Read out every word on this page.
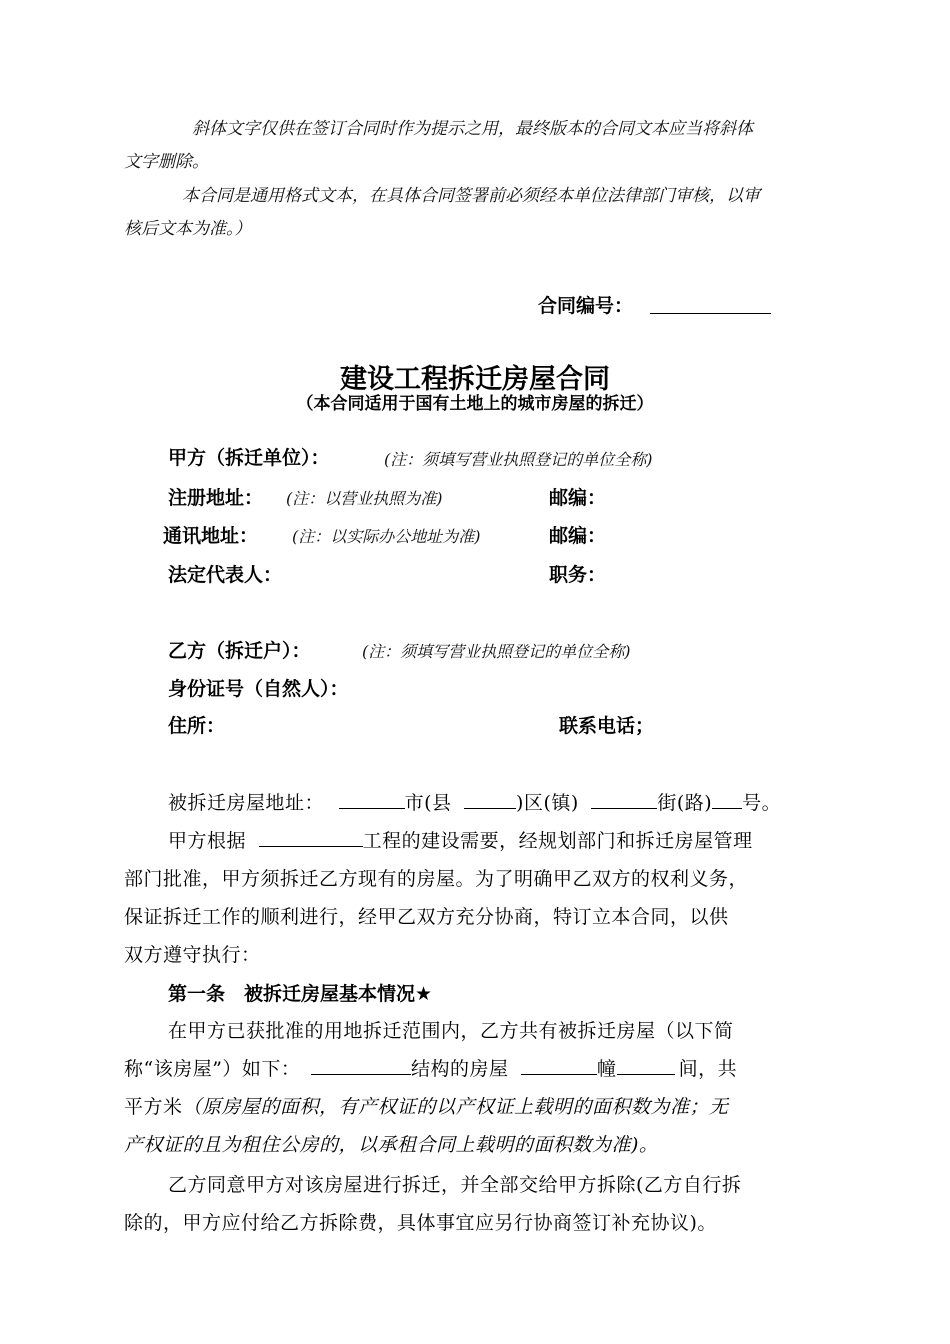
斜体文字仅供在签订合同时作为提示之用，最终版本的合同文本应当将斜体
文字删除。
本合同是通用格式文本，在具体合同签署前必须经本单位法律部门审核，以审
核后文本为准。）
合同编号：
建设工程拆迁房屋合同
（本合同适用于国有土地上的城市房屋的拆迁）
甲方（拆迁单位）：	(注：须填写营业执照登记的单位全称)
注册地址： (注：以营业执照为准)	邮编：
通讯地址： (注：以实际办公地址为准)	邮编：
法定代表人：	职务：
乙方（拆迁户）：	(注：须填写营业执照登记的单位全称)
身份证号（自然人）：
住所：	联系电话；
被拆迁房屋地址：	市(县	)区(镇)	街(路) 号。
甲方根据	工程的建设需要，经规划部门和拆迁房屋管理
部门批准，甲方须拆迁乙方现有的房屋。为了明确甲乙双方的权利义务，
保证拆迁工作的顺利进行，经甲乙双方充分协商，特订立本合同，以供
双方遵守执行：
第一条　被拆迁房屋基本情况★
在甲方已获批准的用地拆迁范围内，乙方共有被拆迁房屋（以下简
称“该房屋”）如下：	结构的房屋	幢	间，共
平方米（原房屋的面积，有产权证的以产权证上载明的面积数为准；无
产权证的且为租住公房的，以承租合同上载明的面积数为准)。
乙方同意甲方对该房屋进行拆迁，并全部交给甲方拆除(乙方自行拆
除的，甲方应付给乙方拆除费，具体事宜应另行协商签订补充协议)。
